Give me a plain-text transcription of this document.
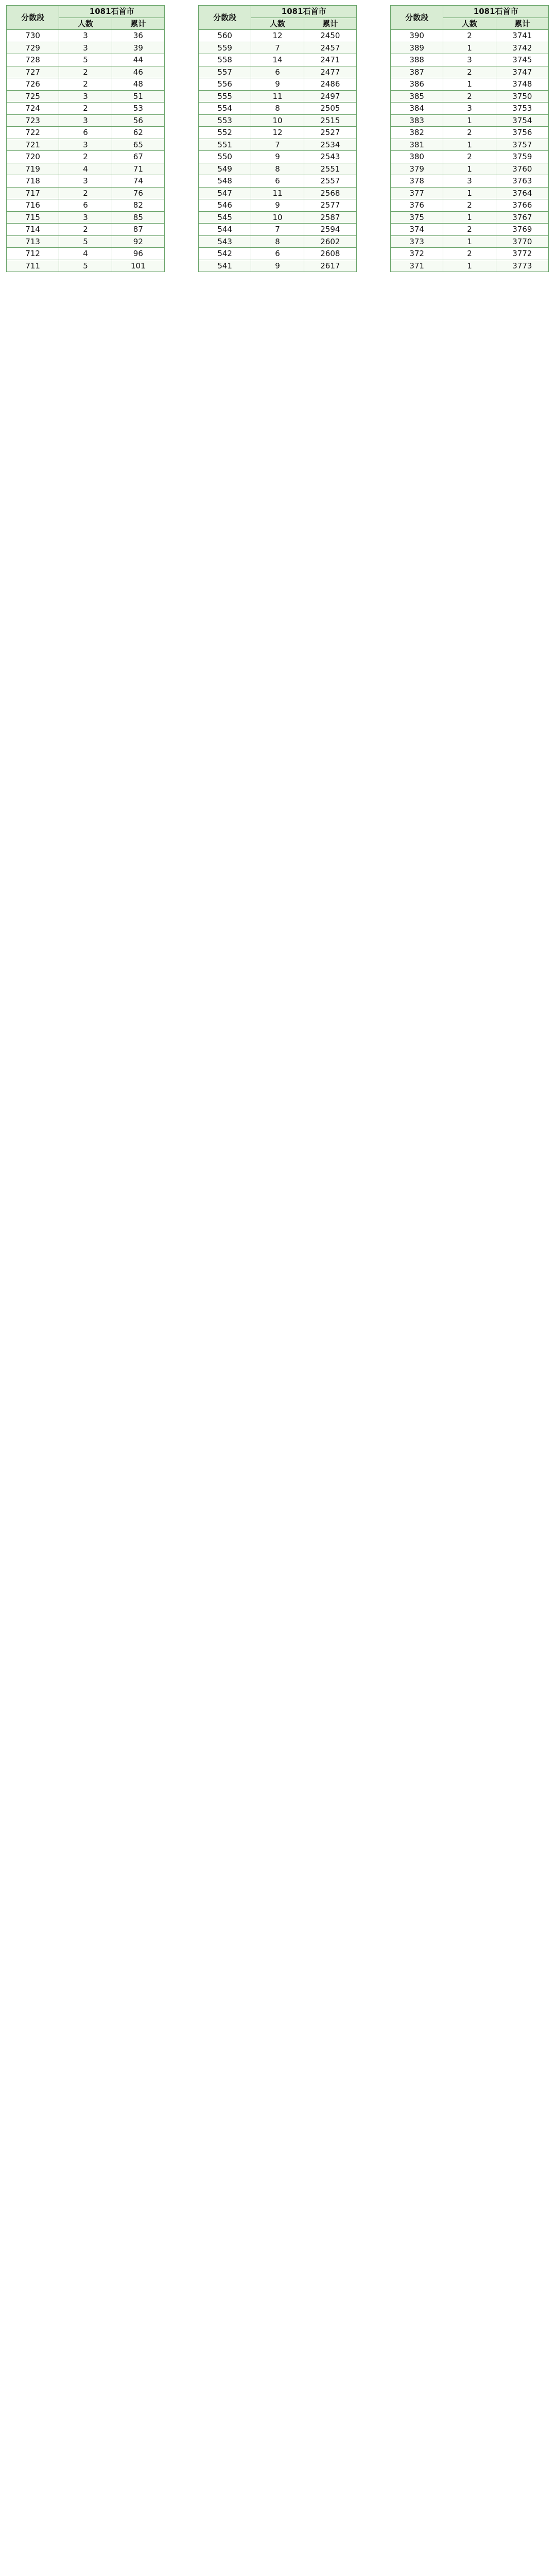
分数段	1081石首市	
	人数	累计
730	3	36
729	3	39
728	5	44
727	2	46
726	2	48
725	3	51
724	2	53
723	3	56
722	6	62
721	3	65
720	2	67
719	4	71
718	3	74
717	2	76
716	6	82
715	3	85
714	2	87
713	5	92
712	4	96
711	5	101
分数段	1081石首市	
	人数	累计
560	12	2450
559	7	2457
558	14	2471
557	6	2477
556	9	2486
555	11	2497
554	8	2505
553	10	2515
552	12	2527
551	7	2534
550	9	2543
549	8	2551
548	6	2557
547	11	2568
546	9	2577
545	10	2587
544	7	2594
543	8	2602
542	6	2608
541	9	2617
分数段	1081石首市	
	人数	累计
390	2	3741
389	1	3742
388	3	3745
387	2	3747
386	1	3748
385	2	3750
384	3	3753
383	1	3754
382	2	3756
381	1	3757
380	2	3759
379	1	3760
378	3	3763
377	1	3764
376	2	3766
375	1	3767
374	2	3769
373	1	3770
372	2	3772
371	1	3773
